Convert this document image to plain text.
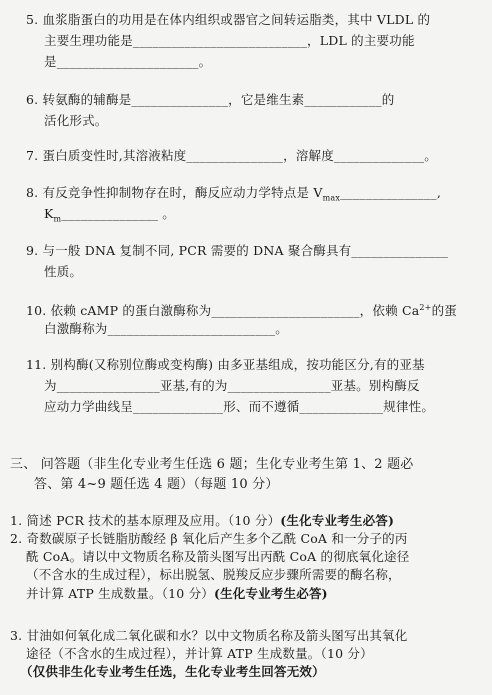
5. 血浆脂蛋白的功用是在体内组织或器官之间转运脂类，其中 VLDL 的
主要生理功能是___________________________，LDL 的主要功能
是______________________。
6. 转氨酶的辅酶是_______________，它是维生素____________的
活化形式。
7. 蛋白质变性时,其溶液粘度_______________，溶解度______________。
8. 有反竞争性抑制物存在时，酶反应动力学特点是 $V_{max}\_\_\_\_\_\_\_\_\_\_\_\_\_\_\_$,
$K_m\_\_\_\_\_\_\_\_\_\_\_\_\_\_\_$ 。
9. 与一般 DNA 复制不同, PCR 需要的 DNA 聚合酶具有_______________
性质。
10. 依赖 cAMP 的蛋白激酶称为_______________________，依赖 $Ca^{2+}$的蛋
白激酶称为__________________________。
11. 别构酶(又称别位酶或变构酶) 由多亚基组成，按功能区分,有的亚基
为________________亚基,有的为________________亚基。别构酶反
应动力学曲线呈______________形、而不遵循_____________规律性。
三、 问答题（非生化专业考生任选 6 题；生化专业考生第 1、2 题必
答、第 4~9 题任选 4 题）（每题 10 分）
1. 简述 PCR 技术的基本原理及应用。（10 分）(生化专业考生必答)
2. 奇数碳原子长链脂肪酸经 β 氧化后产生多个乙酰 CoA 和一分子的丙
酰 CoA。请以中文物质名称及箭头图写出丙酰 CoA 的彻底氧化途径
（不含水的生成过程），标出脱氢、脱羧反应步骤所需要的酶名称，
并计算 ATP 生成数量。（10 分）(生化专业考生必答)
3. 甘油如何氧化成二氧化碳和水？以中文物质名称及箭头图写出其氧化
途径（不含水的生成过程），并计算 ATP 生成数量。（10 分）
（仅供非生化专业考生任选，生化专业考生回答无效）
